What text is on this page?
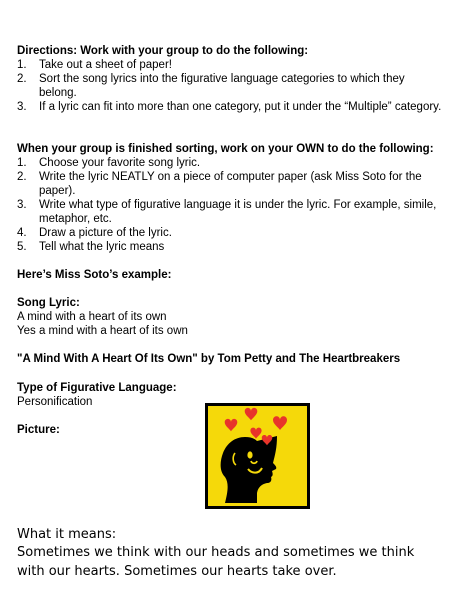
Directions: Work with your group to do the following:
1. Take out a sheet of paper!
2. Sort the song lyrics into the figurative language categories to which they belong.
3. If a lyric can fit into more than one category, put it under the “Multiple” category.
When your group is finished sorting, work on your OWN to do the following:
1. Choose your favorite song lyric.
2. Write the lyric NEATLY on a piece of computer paper (ask Miss Soto for the paper).
3. Write what type of figurative language it is under the lyric. For example, simile, metaphor, etc.
4. Draw a picture of the lyric.
5. Tell what the lyric means
Here’s Miss Soto’s example:
Song Lyric:
A mind with a heart of its own
Yes a mind with a heart of its own
"A Mind With A Heart Of Its Own" by Tom Petty and The Heartbreakers
Type of Figurative Language:
Personification
Picture:
What it means:
Sometimes we think with our heads and sometimes we think with our hearts. Sometimes our hearts take over.
